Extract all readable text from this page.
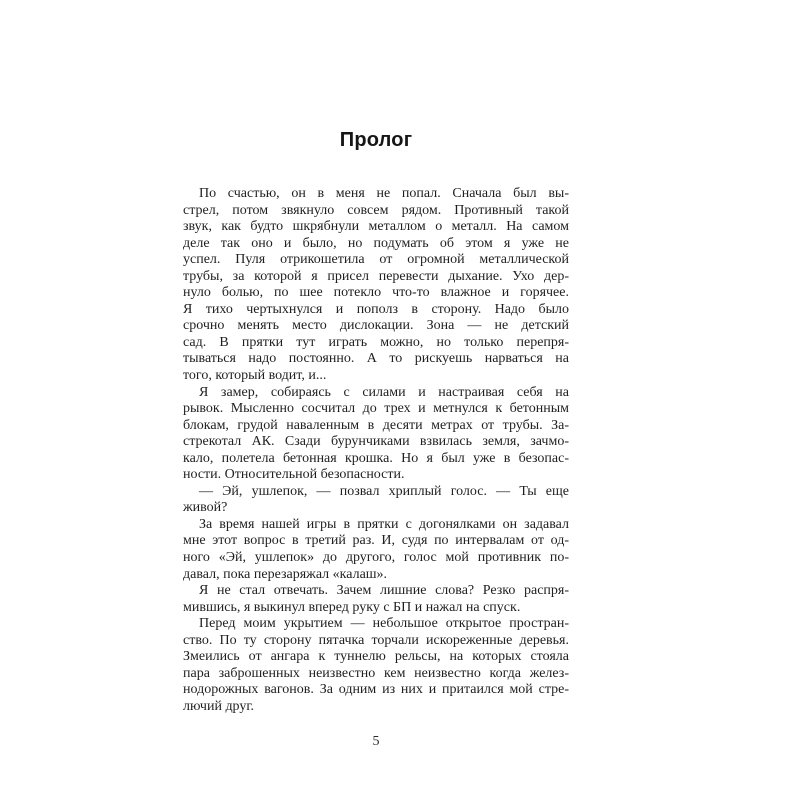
Пролог
По счастью, он в меня не попал. Сначала был вы-
стрел, потом звякнуло совсем рядом. Противный такой
звук, как будто шкрябнули металлом о металл. На самом
деле так оно и было, но подумать об этом я уже не
успел. Пуля отрикошетила от огромной металлической
трубы, за которой я присел перевести дыхание. Ухо дер-
нуло болью, по шее потекло что-то влажное и горячее.
Я тихо чертыхнулся и пополз в сторону. Надо было
срочно менять место дислокации. Зона — не детский
сад. В прятки тут играть можно, но только перепря-
тываться надо постоянно. А то рискуешь нарваться на
того, который водит, и...
Я замер, собираясь с силами и настраивая себя на
рывок. Мысленно сосчитал до трех и метнулся к бетонным
блокам, грудой наваленным в десяти метрах от трубы. За-
стрекотал АК. Сзади бурунчиками взвилась земля, зачмо-
кало, полетела бетонная крошка. Но я был уже в безопас-
ности. Относительной безопасности.
— Эй, ушлепок, — позвал хриплый голос. — Ты еще
живой?
За время нашей игры в прятки с догонялками он задавал
мне этот вопрос в третий раз. И, судя по интервалам от од-
ного «Эй, ушлепок» до другого, голос мой противник по-
давал, пока перезаряжал «калаш».
Я не стал отвечать. Зачем лишние слова? Резко распря-
мившись, я выкинул вперед руку с БП и нажал на спуск.
Перед моим укрытием — небольшое открытое простран-
ство. По ту сторону пятачка торчали искореженные деревья.
Змеились от ангара к туннелю рельсы, на которых стояла
пара заброшенных неизвестно кем неизвестно когда желез-
нодорожных вагонов. За одним из них и притаился мой стре-
лючий друг.
5
